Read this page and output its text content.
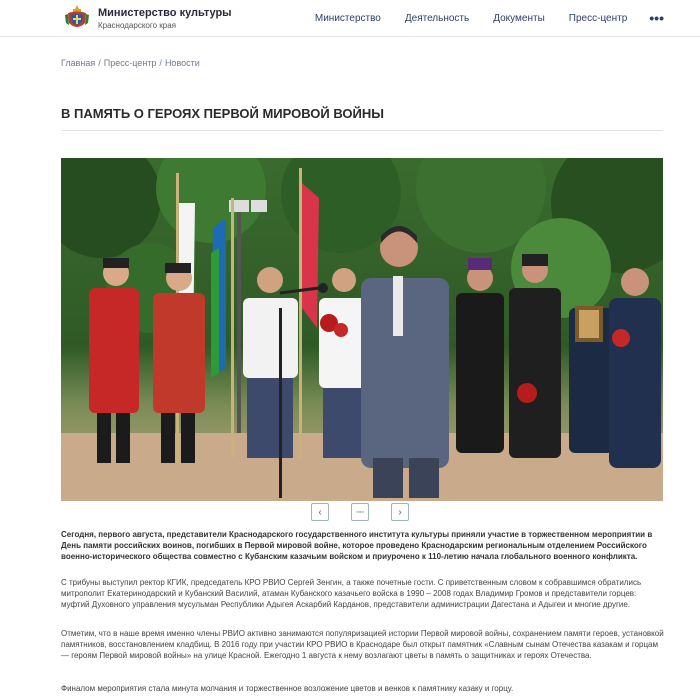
Министерство культуры
Краснодарского края
Министерство Деятельность Документы Пресс-центр •••
Главная / Пресс-центр / Новости
В ПАМЯТЬ О ГЕРОЯХ ПЕРВОЙ МИРОВОЙ ВОЙНЫ
‹	▫▫▫	›

Сегодня, первого августа, представители Краснодарского государственного института культуры приняли участие в торжественном мероприятии в День памяти российских воинов, погибших в Первой мировой войне, которое проведено Краснодарским региональным отделением Российского военно-исторического общества совместно с Кубанским казачьим войском и приурочено к 110-летию начала глобального военного конфликта.

С трибуны выступил ректор КГИК, председатель КРО РВИО Сергей Зенгин, а также почетные гости. С приветственным словом к собравшимся обратились митрополит Екатеринодарский и Кубанский Василий, атаман Кубанского казачьего войска в 1990 – 2008 годах Владимир Громов и представители горцев: муфтий Духовного управления мусульман Республики Адыгея Аскарбий Карданов, представители администрации Дагестана и Адыгеи и многие другие.

Отметим, что в наше время именно члены РВИО активно занимаются популяризацией истории Первой мировой войны, сохранением памяти героев, установкой памятников, восстановлением кладбищ. В 2016 году при участии КРО РВИО в Краснодаре был открыт памятник «Славным сынам Отечества казакам и горцам — героям Первой мировой войны» на улице Красной. Ежегодно 1 августа к нему возлагают цветы в память о защитниках и героях Отечества.

Финалом мероприятия стала минута молчания и торжественное возложение цветов и венков к памятнику казаку и горцу.
